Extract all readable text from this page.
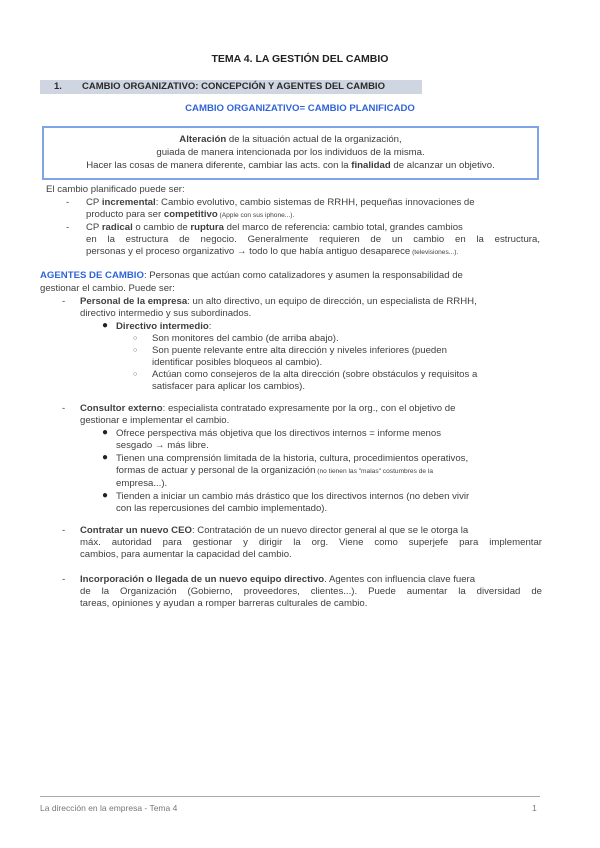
TEMA 4. LA GESTIÓN DEL CAMBIO
1. CAMBIO ORGANIZATIVO: CONCEPCIÓN Y AGENTES DEL CAMBIO
CAMBIO ORGANIZATIVO= CAMBIO PLANIFICADO
Alteración de la situación actual de la organización,
guiada de manera intencionada por los individuos de la misma.
Hacer las cosas de manera diferente, cambiar las acts. con la finalidad de alcanzar un objetivo.
El cambio planificado puede ser:
- CP incremental: Cambio evolutivo, cambio sistemas de RRHH, pequeñas innovaciones de
producto para ser competitivo (Apple con sus iphone...).
- CP radical o cambio de ruptura del marco de referencia: cambio total, grandes cambios
en la estructura de negocio. Generalmente requieren de un cambio en la estructura,
personas y el proceso organizativo → todo lo que había antiguo desaparece (televisiones...).
AGENTES DE CAMBIO: Personas que actúan como catalizadores y asumen la responsabilidad de
gestionar el cambio. Puede ser:
- Personal de la empresa: un alto directivo, un equipo de dirección, un especialista de RRHH,
directivo intermedio y sus subordinados.
● Directivo intermedio:
○ Son monitores del cambio (de arriba abajo).
○ Son puente relevante entre alta dirección y niveles inferiores (pueden
identificar posibles bloqueos al cambio).
○ Actúan como consejeros de la alta dirección (sobre obstáculos y requisitos a
satisfacer para aplicar los cambios).
- Consultor externo: especialista contratado expresamente por la org., con el objetivo de
gestionar e implementar el cambio.
● Ofrece perspectiva más objetiva que los directivos internos = informe menos
sesgado → más libre.
● Tienen una comprensión limitada de la historia, cultura, procedimientos operativos,
formas de actuar y personal de la organización (no tienen las "malas" costumbres de la
empresa...).
● Tienden a iniciar un cambio más drástico que los directivos internos (no deben vivir
con las repercusiones del cambio implementado).
- Contratar un nuevo CEO: Contratación de un nuevo director general al que se le otorga la
máx. autoridad para gestionar y dirigir la org. Viene como superjefe para implementar
cambios, para aumentar la capacidad del cambio.
- Incorporación o llegada de un nuevo equipo directivo. Agentes con influencia clave fuera
de la Organización (Gobierno, proveedores, clientes...). Puede aumentar la diversidad de
tareas, opiniones y ayudan a romper barreras culturales de cambio.
La dirección en la empresa - Tema 4	1
